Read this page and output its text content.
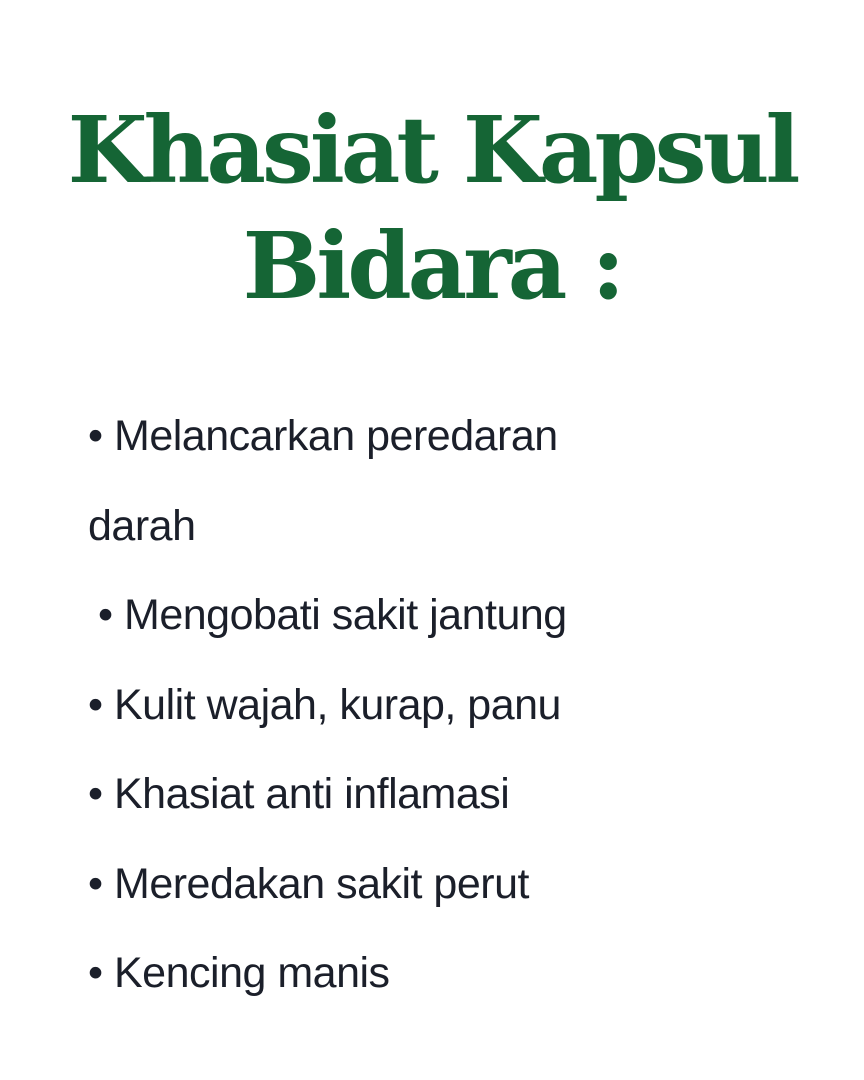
Khasiat Kapsul
Bidara :
• Melancarkan peredaran
darah
• Mengobati sakit jantung
• Kulit wajah, kurap, panu
• Khasiat anti inflamasi
• Meredakan sakit perut
• Kencing manis
